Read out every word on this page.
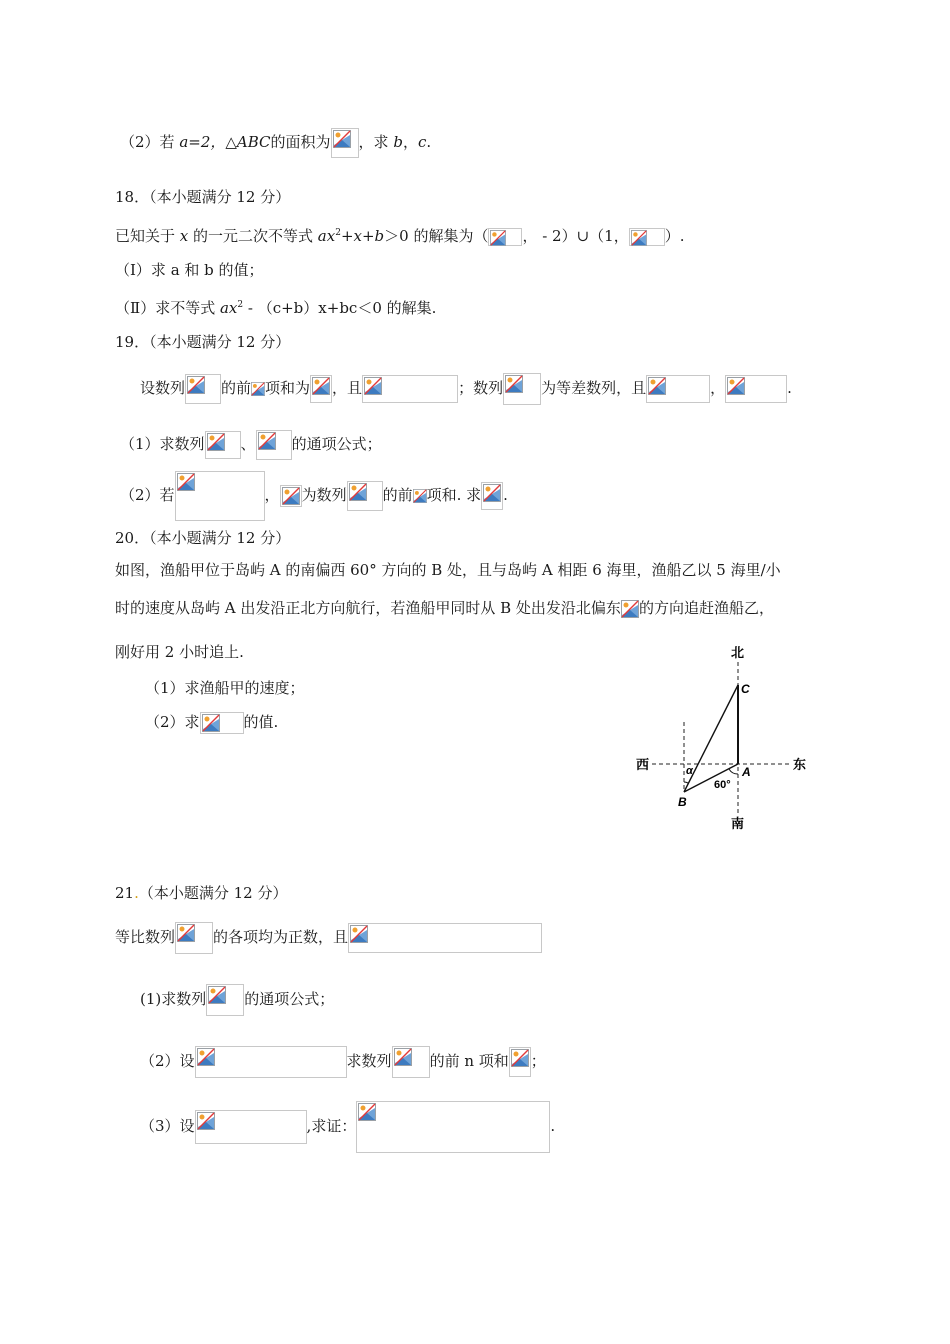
（2）若 a=2，△ABC的面积为 ，求 b，c.
18．（本小题满分 12 分）
已知关于 x 的一元二次不等式 $ax^2+x+b>0$ 的解集为（ ， - 2）∪（1， ）.
（Ⅰ）求 a 和 b 的值；
（Ⅱ）求不等式 $ax^2 - (c+b)x+bc<0$ 的解集.
19．（本小题满分 12 分）
设数列 的前 项和为 ，且	；数列	为等差数列，且	，	.
（1）求数列 、 的通项公式；
（2）若	， 为数列 的前 项和. 求 .
20．（本小题满分 12 分）
如图，渔船甲位于岛屿 A 的南偏西 60° 方向的 B 处，且与岛屿 A 相距 6 海里，渔船乙以 5 海里/小
时的速度从岛屿 A 出发沿正北方向航行，若渔船甲同时从 B 处出发沿北偏东 的方向追赶渔船乙，
刚好用 2 小时追上.
（1）求渔船甲的速度；
（2）求	的值.
北
南
西	东
C
A
B
α
60°
21.（本小题满分 12 分）
等比数列	的各项均为正数，且
(1)求数列	的通项公式；
（2）设	求数列	的前 n 项和 ；
（3）设	,求证：	.
